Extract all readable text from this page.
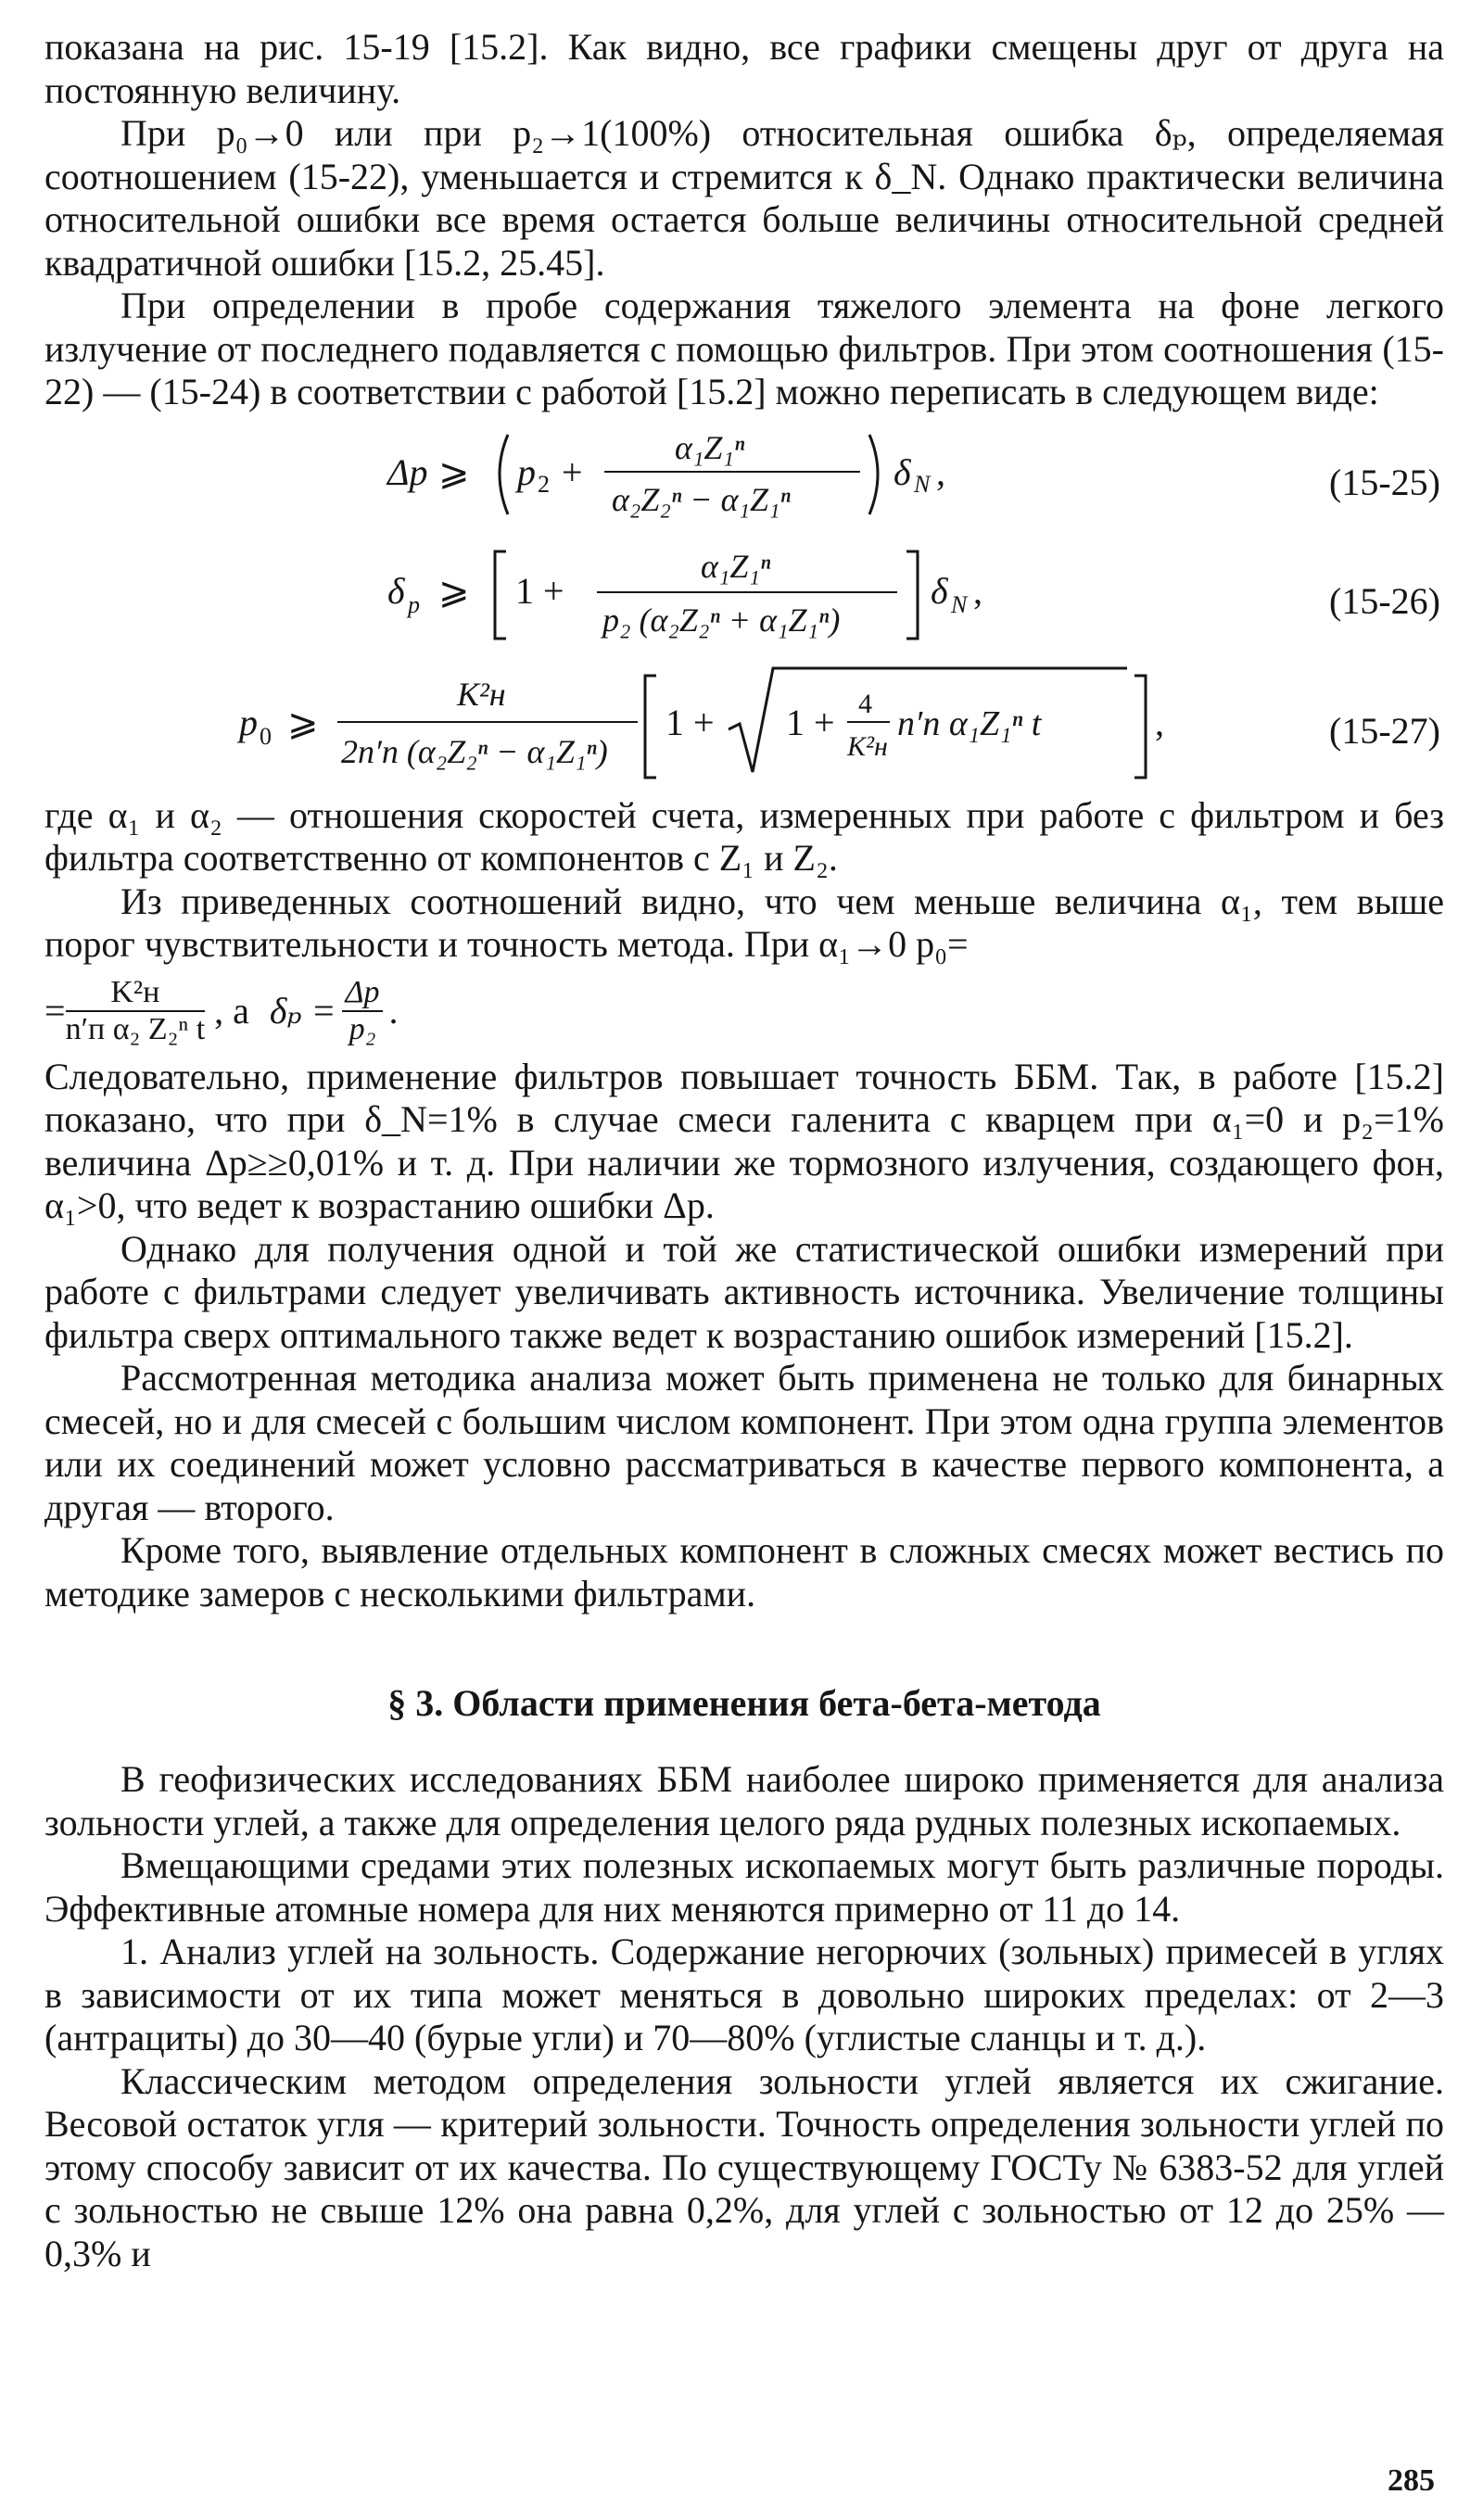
показана на рис. 15-19 [15.2]. Как видно, все графики смещены друг от друга на постоянную величину.

При p₀→0 или при p₂→1(100%) относительная ошибка δₚ, определяемая соотношением (15-22), уменьшается и стремится к δ_N. Однако практически величина относительной ошибки все время остается больше величины относительной средней квадратичной ошибки [15.2, 25.45].

При определении в пробе содержания тяжелого элемента на фоне легкого излучение от последнего подавляется с помощью фильтров. При этом соотношения (15-22) — (15-24) в соответствии с работой [15.2] можно переписать в следующем виде:

Δp ⩾ p 2 +
α₁Z₁ⁿ
α₂Z₂ⁿ − α₁Z₁ⁿ
δ N ,	(15-25)
δ p ⩾ 1 +
α₁Z₁ⁿ
p₂ (α₂Z₂ⁿ + α₁Z₁ⁿ)
δ N ,	(15-26)
p 0 ⩾
K²н
2n′п (α₂Z₂ⁿ − α₁Z₁ⁿ)
1 + 1 + 4
K²н
n′п α₁Z₁ⁿ t	,	(15-27)

где α₁ и α₂ — отношения скоростей счета, измеренных при работе с фильтром и без фильтра соответственно от компонентов с Z₁ и Z₂.

Из приведенных соотношений видно, что чем меньше величина α₁, тем выше порог чувствительности и точность метода. При α₁→0 p₀=

= $\frac{\text{K²н}}{\text{n′п α₂ Z₂ⁿ t}}$ , а $\delta_p = \frac{\Delta p}{\text{p₂}}$ .

Следовательно, применение фильтров повышает точность ББМ. Так, в работе [15.2] показано, что при δ_N=1% в случае смеси галенита с кварцем при α₁=0 и p₂=1% величина Δp≥≥0,01% и т. д. При наличии же тормозного излучения, создающего фон, α₁>0, что ведет к возрастанию ошибки Δp.

Однако для получения одной и той же статистической ошибки измерений при работе с фильтрами следует увеличивать активность источника. Увеличение толщины фильтра сверх оптимального также ведет к возрастанию ошибок измерений [15.2].

Рассмотренная методика анализа может быть применена не только для бинарных смесей, но и для смесей с большим числом компонент. При этом одна группа элементов или их соединений может условно рассматриваться в качестве первого компонента, а другая — второго.

Кроме того, выявление отдельных компонент в сложных смесях может вестись по методике замеров с несколькими фильтрами.

§ 3. Области применения бета-бета-метода

В геофизических исследованиях ББМ наиболее широко применяется для анализа зольности углей, а также для определения целого ряда рудных полезных ископаемых.

Вмещающими средами этих полезных ископаемых могут быть различные породы. Эффективные атомные номера для них меняются примерно от 11 до 14.

1. Анализ углей на зольность. Содержание негорючих (зольных) примесей в углях в зависимости от их типа может меняться в довольно широких пределах: от 2—3 (антрациты) до 30—40 (бурые угли) и 70—80% (углистые сланцы и т. д.).

Классическим методом определения зольности углей является их сжигание. Весовой остаток угля — критерий зольности. Точность определения зольности углей по этому способу зависит от их качества. По существующему ГОСТу № 6383-52 для углей с зольностью не свыше 12% она равна 0,2%, для углей с зольностью от 12 до 25% — 0,3% и

285
